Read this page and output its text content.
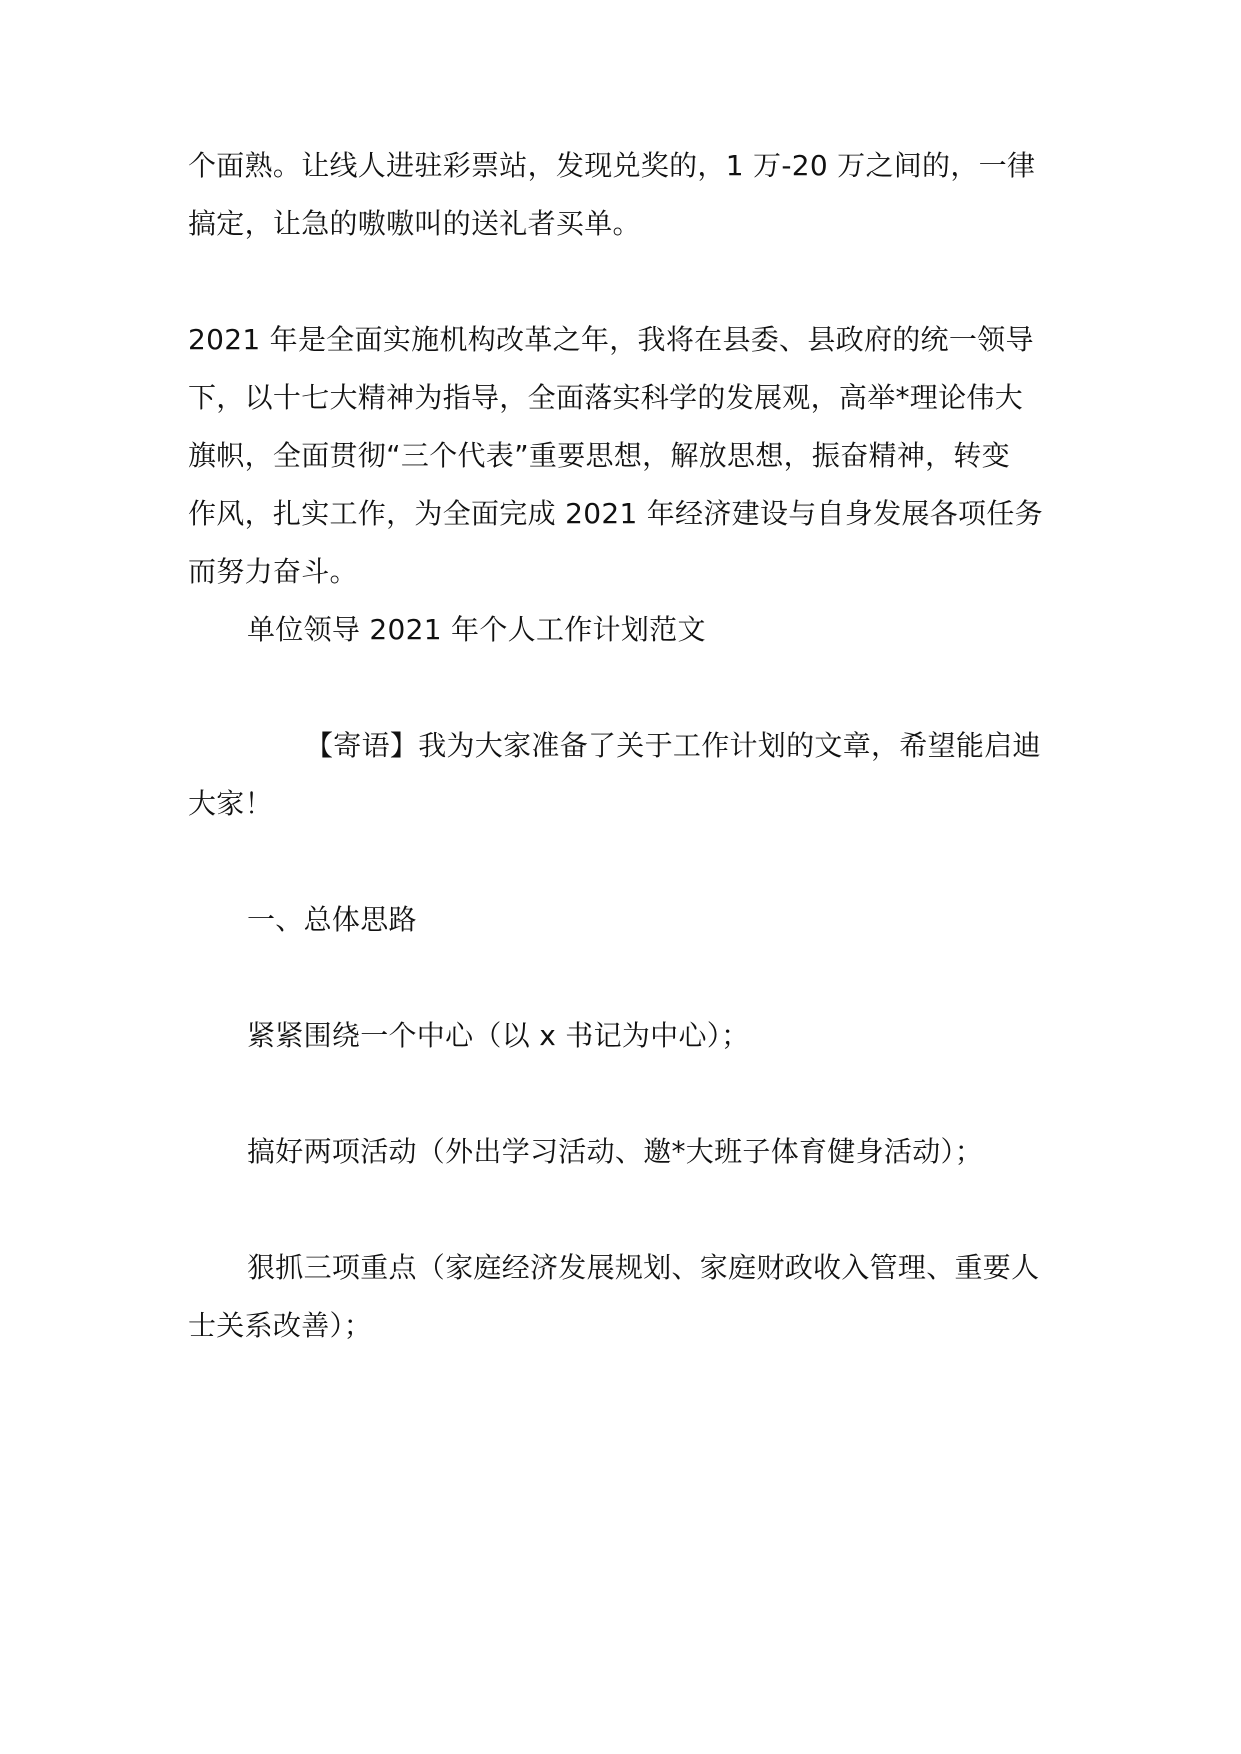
个面熟。让线人进驻彩票站，发现兑奖的，1 万-20 万之间的，一律
搞定，让急的嗷嗷叫的送礼者买单。
2021 年是全面实施机构改革之年，我将在县委、县政府的统一领导
下，以十七大精神为指导，全面落实科学的发展观，高举*理论伟大
旗帜，全面贯彻“三个代表”重要思想，解放思想，振奋精神，转变
作风，扎实工作，为全面完成 2021 年经济建设与自身发展各项任务
而努力奋斗。
单位领导 2021 年个人工作计划范文
【寄语】我为大家准备了关于工作计划的文章，希望能启迪
大家！
一、总体思路
紧紧围绕一个中心（以 x 书记为中心）；
搞好两项活动（外出学习活动、邀*大班子体育健身活动）；
狠抓三项重点（家庭经济发展规划、家庭财政收入管理、重要人
士关系改善）；
